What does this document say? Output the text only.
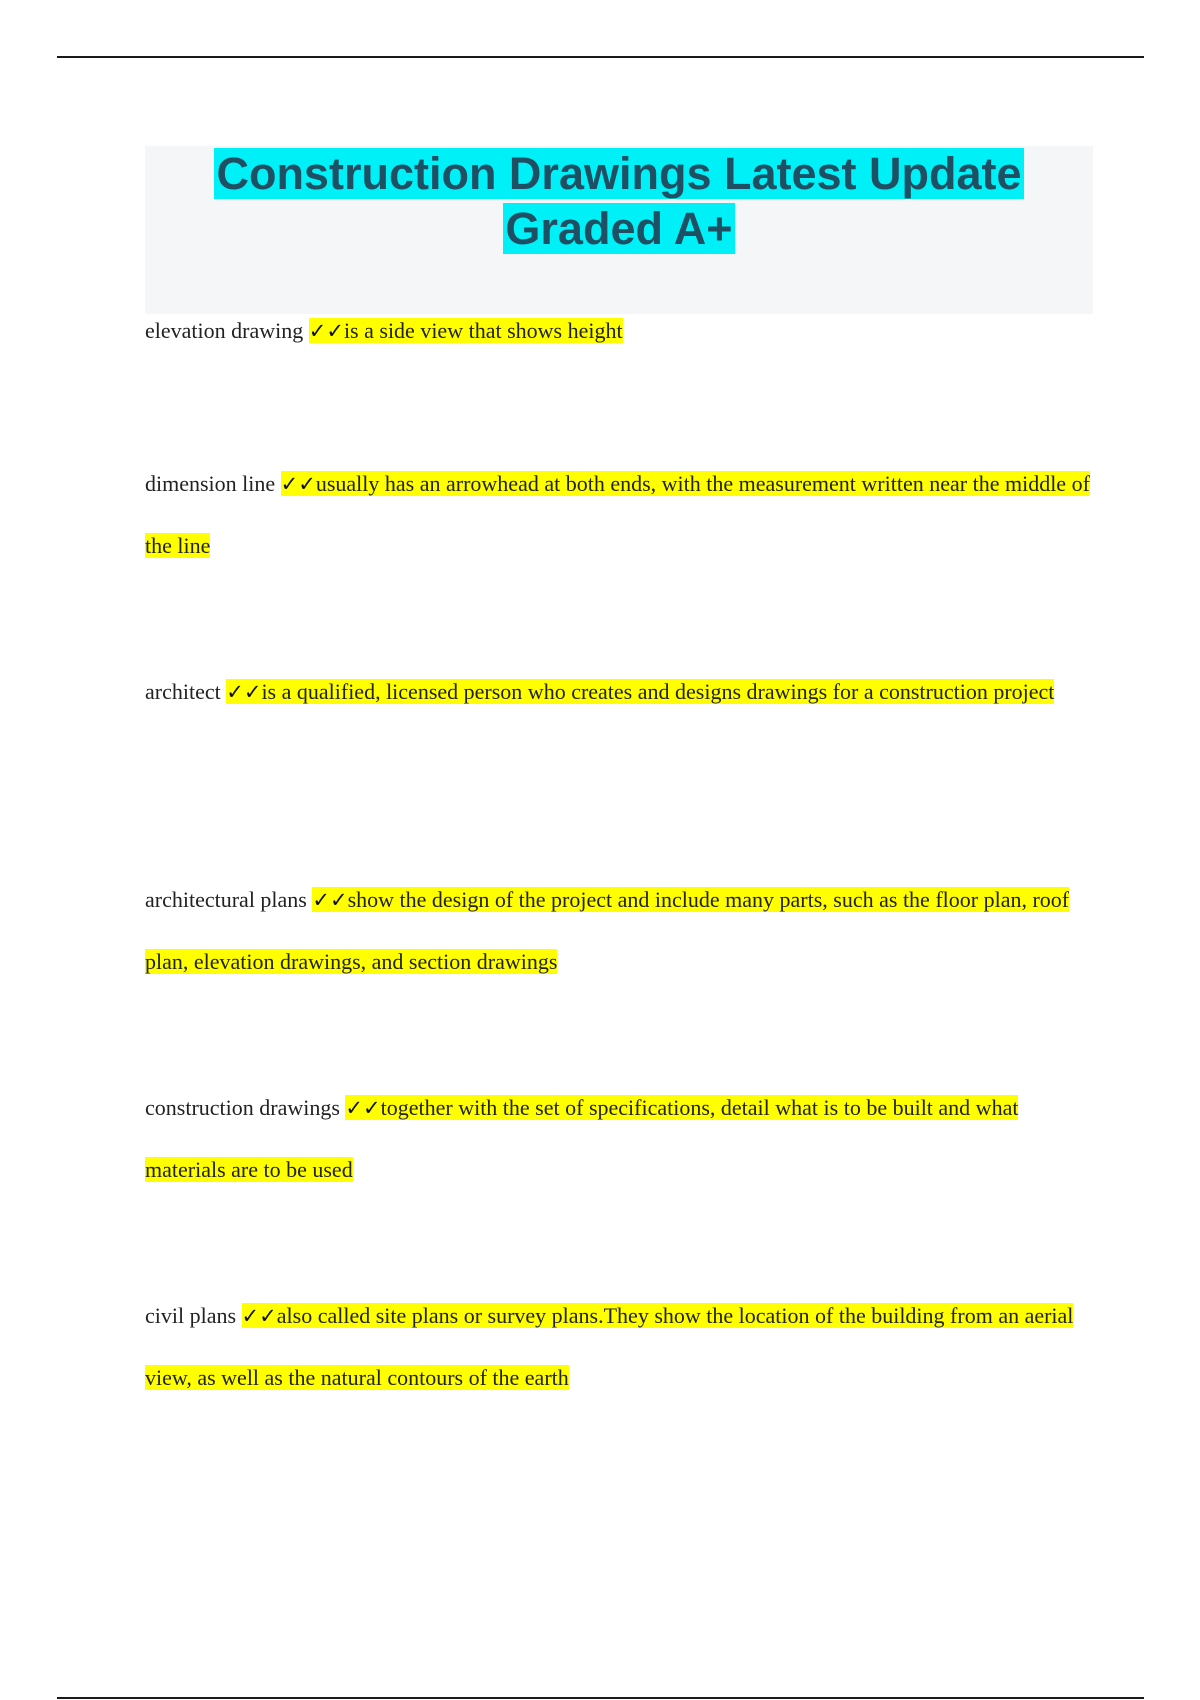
Construction Drawings Latest Update Graded A+
elevation drawing ✓✓is a side view that shows height
dimension line ✓✓usually has an arrowhead at both ends, with the measurement written near the middle of the line
architect ✓✓is a qualified, licensed person who creates and designs drawings for a construction project
architectural plans ✓✓show the design of the project and include many parts, such as the floor plan, roof plan, elevation drawings, and section drawings
construction drawings ✓✓together with the set of specifications, detail what is to be built and what materials are to be used
civil plans ✓✓also called site plans or survey plans.They show the location of the building from an aerial view, as well as the natural contours of the earth
